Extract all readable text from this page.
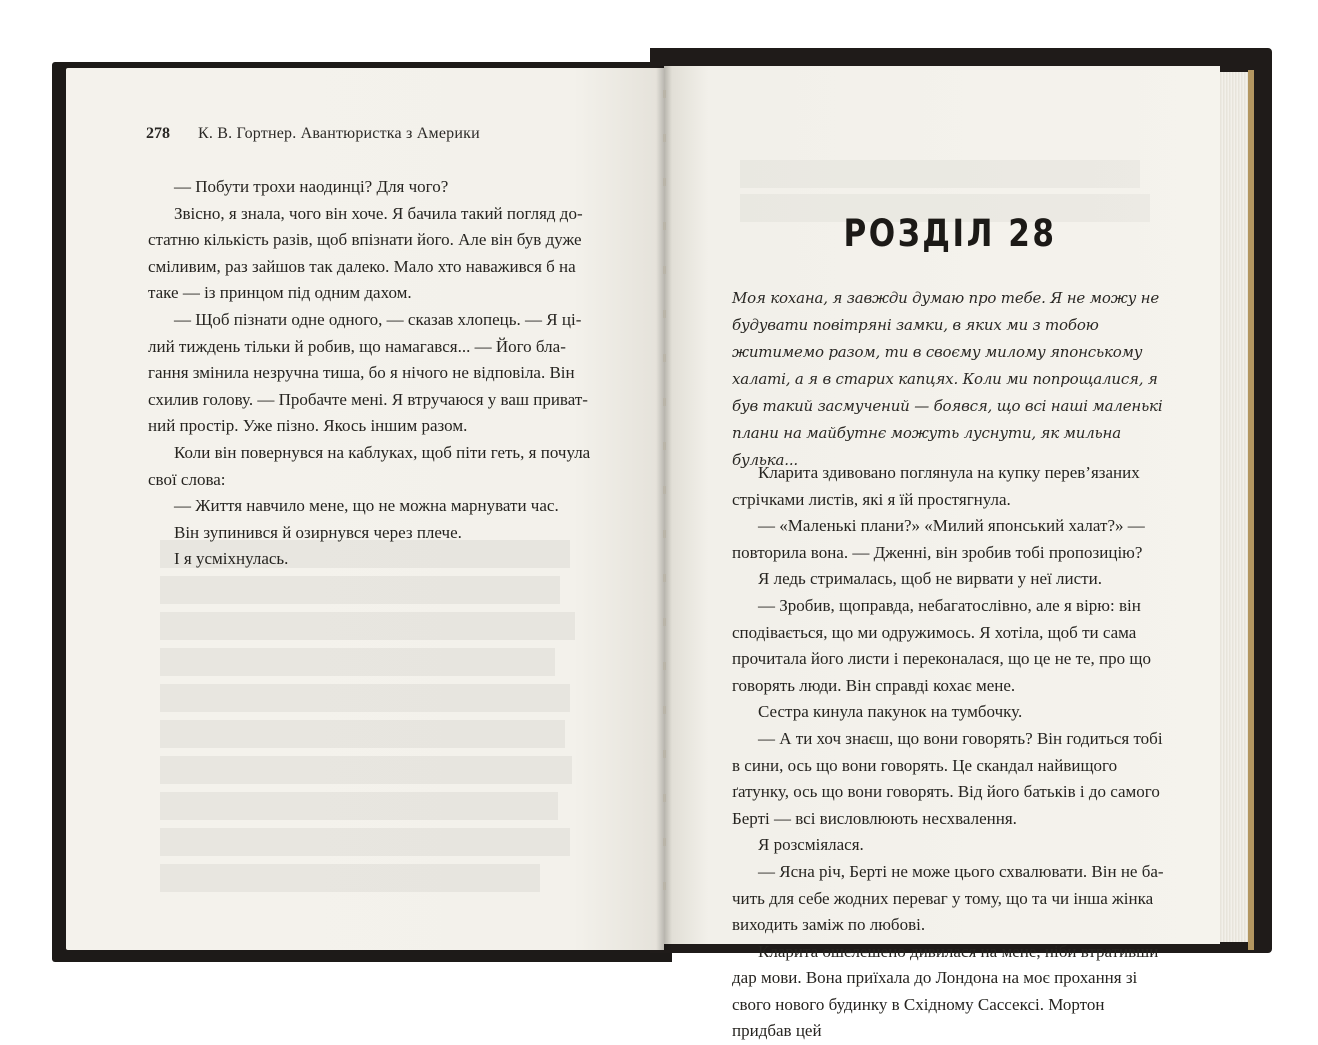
278 К. В. Гортнер. Авантюристка з Америки

— Побути трохи наодинці? Для чого?

Звісно, я знала, чого він хоче. Я бачила такий погляд достатню кількість разів, щоб впізнати його. Але він був дуже сміливим, раз зайшов так далеко. Мало хто наважився б на таке — із принцом під одним дахом.

— Щоб пізнати одне одного, — сказав хлопець. — Я цілий тиждень тільки й робив, що намагався... — Його благання змінила незручна тиша, бо я нічого не відповіла. Він схилив голову. — Пробачте мені. Я втручаюся у ваш приватний простір. Уже пізно. Якось іншим разом.

Коли він повернувся на каблуках, щоб піти геть, я почула свої слова:

— Життя навчило мене, що не можна марнувати час.

Він зупинився й озирнувся через плече.

І я усміхнулась.

РОЗДІЛ 28
Моя кохана, я завжди думаю про тебе. Я не можу не будувати повітряні замки, в яких ми з тобою житимемо разом, ти в своєму милому японському халаті, а я в старих капцях. Коли ми попрощалися, я був такий засмучений — боявся, що всі наші маленькі плани на майбутнє можуть луснути, як мильна булька...

Кларита здивовано поглянула на купку перев’язаних стрічками листів, які я їй простягнула.

— «Маленькі плани?» «Милий японський халат?» — повторила вона. — Дженні, він зробив тобі пропозицію?

Я ледь стрималась, щоб не вирвати у неї листи.

— Зробив, щоправда, небагатослівно, але я вірю: він сподівається, що ми одружимось. Я хотіла, щоб ти сама прочитала його листи і переконалася, що це не те, про що говорять люди. Він справді кохає мене.

Сестра кинула пакунок на тумбочку.

— А ти хоч знаєш, що вони говорять? Він годиться тобі в сини, ось що вони говорять. Це скандал найвищого ґатунку, ось що вони говорять. Від його батьків і до самого Берті — всі висловлюють несхвалення.

Я розсміялася.

— Ясна річ, Берті не може цього схвалювати. Він не бачить для себе жодних переваг у тому, що та чи інша жінка виходить заміж по любові.

Кларита ошелешено дивилася на мене, ніби втративши дар мови. Вона приїхала до Лондона на моє прохання зі свого нового будинку в Східному Сассексі. Мортон придбав цей
